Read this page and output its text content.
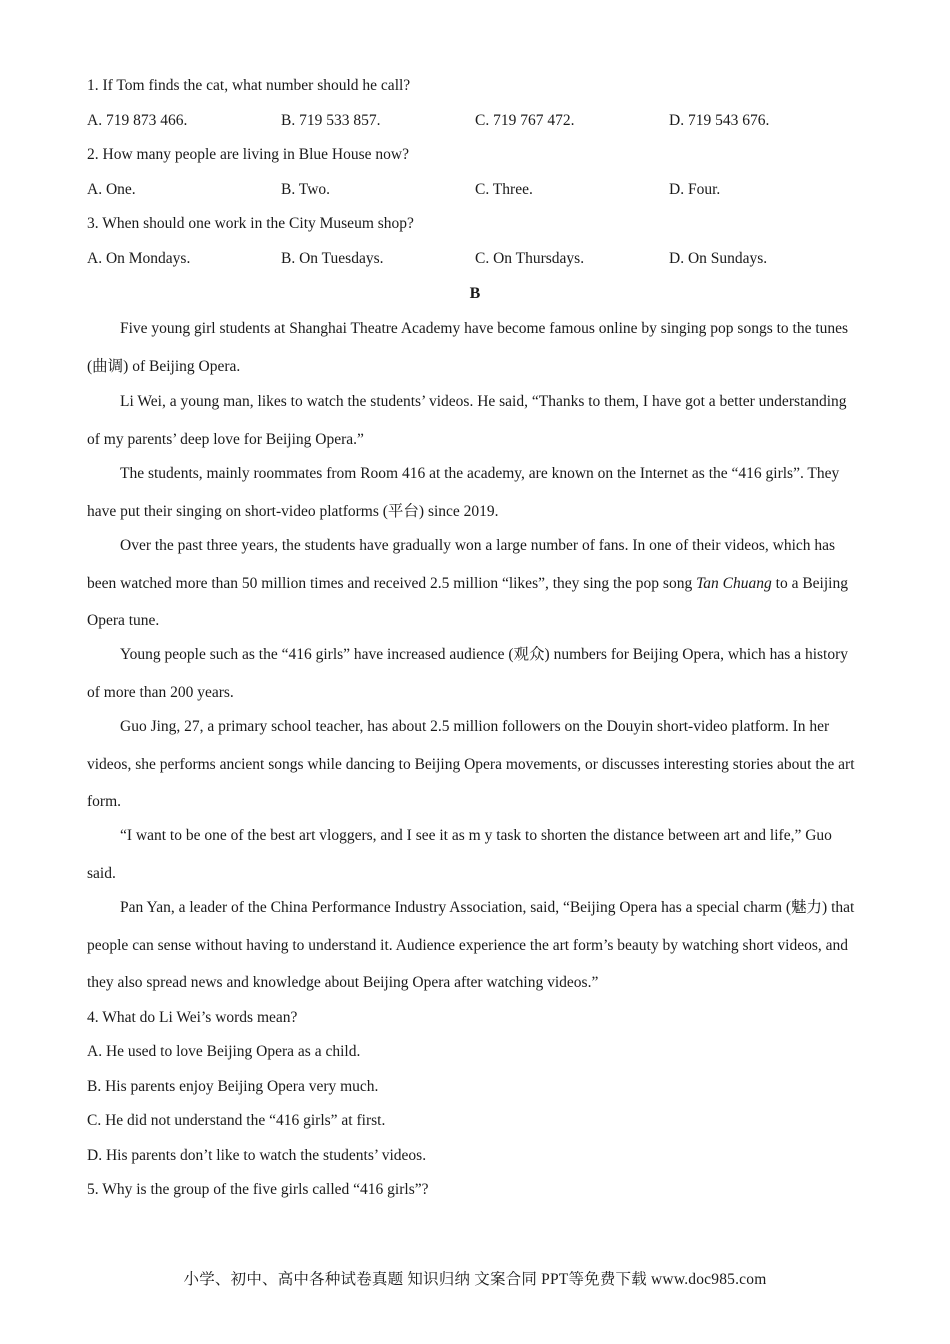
1. If Tom finds the cat, what number should he call?
A. 719 873 466.	B. 719 533 857.	C. 719 767 472.	D. 719 543 676.
2. How many people are living in Blue House now?
A. One.	B. Two.	C. Three.	D. Four.
3. When should one work in the City Museum shop?
A. On Mondays.	B. On Tuesdays.	C. On Thursdays.	D. On Sundays.
B

Five young girl students at Shanghai Theatre Academy have become famous online by singing pop songs to the tunes (曲调) of Beijing Opera.

Li Wei, a young man, likes to watch the students’ videos. He said, “Thanks to them, I have got a better understanding of my parents’ deep love for Beijing Opera.”

The students, mainly roommates from Room 416 at the academy, are known on the Internet as the “416 girls”. They have put their singing on short-video platforms (平台) since 2019.

Over the past three years, the students have gradually won a large number of fans. In one of their videos, which has been watched more than 50 million times and received 2.5 million “likes”, they sing the pop song Tan Chuang to a Beijing Opera tune.

Young people such as the “416 girls” have increased audience (观众) numbers for Beijing Opera, which has a history of more than 200 years.

Guo Jing, 27, a primary school teacher, has about 2.5 million followers on the Douyin short-video platform. In her videos, she performs ancient songs while dancing to Beijing Opera movements, or discusses interesting stories about the art form.

“I want to be one of the best art vloggers, and I see it as m y task to shorten the distance between art and life,” Guo said.

Pan Yan, a leader of the China Performance Industry Association, said, “Beijing Opera has a special charm (魅力) that people can sense without having to understand it. Audience experience the art form’s beauty by watching short videos, and they also spread news and knowledge about Beijing Opera after watching videos.”

4. What do Li Wei’s words mean?
A. He used to love Beijing Opera as a child.
B. His parents enjoy Beijing Opera very much.
C. He did not understand the “416 girls” at first.
D. His parents don’t like to watch the students’ videos.
5. Why is the group of the five girls called “416 girls”?
小学、初中、高中各种试卷真题 知识归纳 文案合同 PPT等免费下载 www.doc985.com
